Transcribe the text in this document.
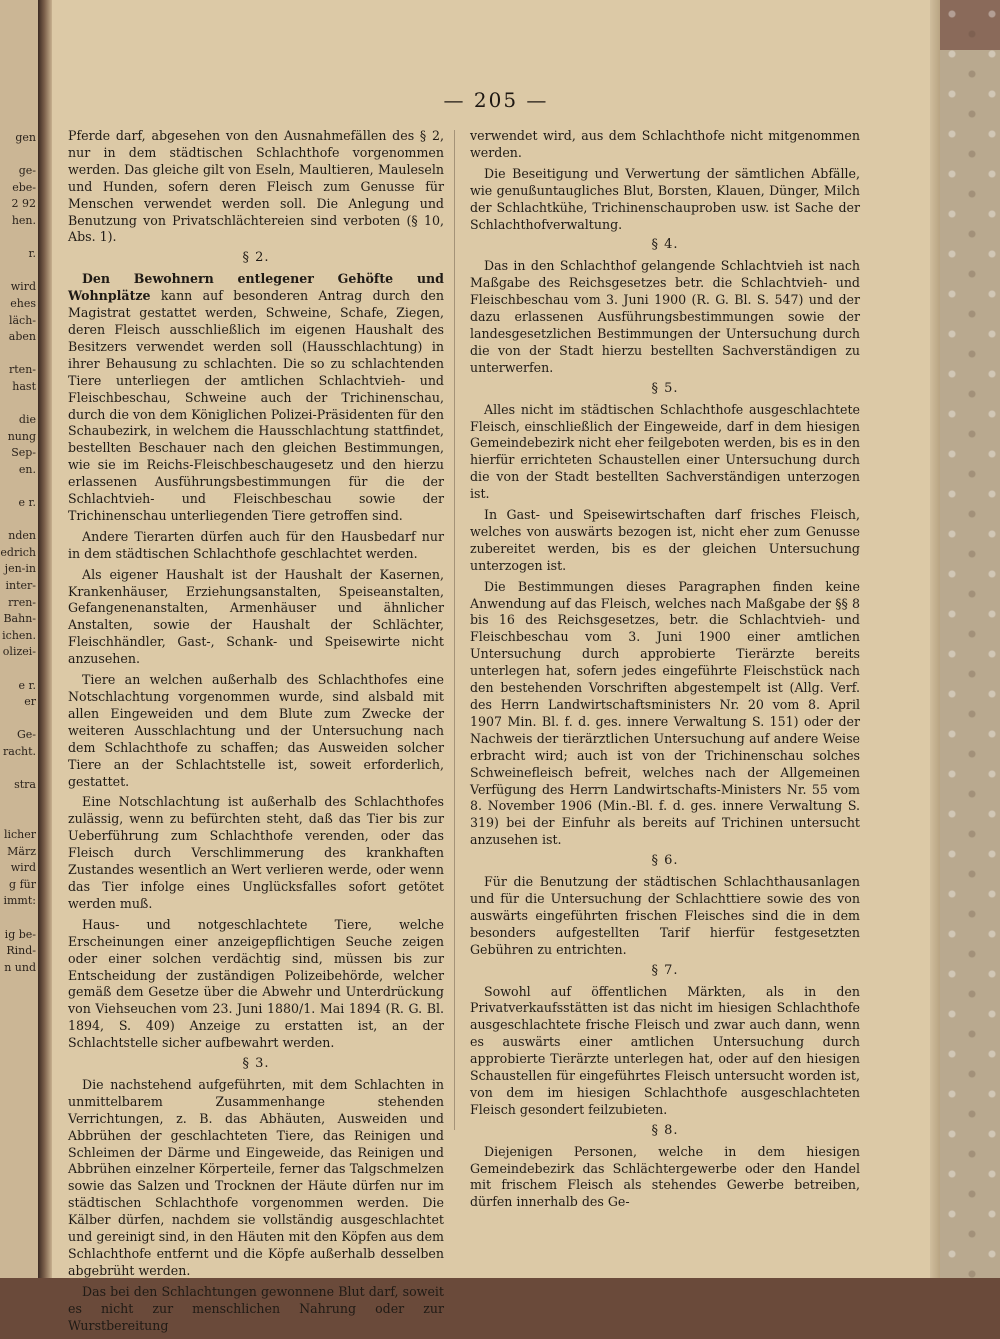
gen
ge-
ebe-
2 92
hen.
r.
wird
ehes
läch-
aben
rten-
hast
die
nung
Sep-
en.
e r.
nden
edrich
jen-in
inter-
rren-
Bahn-
ichen.
olizei-
e r.
er
Ge-
racht.
stra
licher
März
wird
g für
immt:
ig be-
Rind-
n und
— 205 —

Pferde darf, abgesehen von den Ausnahmefällen des § 2, nur in dem städtischen Schlachthofe vorgenommen werden. Das gleiche gilt von Eseln, Maultieren, Mauleseln und Hunden, sofern deren Fleisch zum Genusse für Menschen verwendet werden soll. Die Anlegung und Benutzung von Privatschlächtereien sind verboten (§ 10, Abs. 1).

§ 2.

Den Bewohnern entlegener Gehöfte und Wohnplätze kann auf besonderen Antrag durch den Magistrat gestattet werden, Schweine, Schafe, Ziegen, deren Fleisch ausschließlich im eigenen Haushalt des Besitzers verwendet werden soll (Hausschlachtung) in ihrer Behausung zu schlachten. Die so zu schlachtenden Tiere unterliegen der amtlichen Schlachtvieh- und Fleischbeschau, Schweine auch der Trichinenschau, durch die von dem Königlichen Polizei-Präsidenten für den Schaubezirk, in welchem die Hausschlachtung stattfindet, bestellten Beschauer nach den gleichen Bestimmungen, wie sie im Reichs-Fleischbeschaugesetz und den hierzu erlassenen Ausführungsbestimmungen für die der Schlachtvieh- und Fleischbeschau sowie der Trichinenschau unterliegenden Tiere getroffen sind.

Andere Tierarten dürfen auch für den Hausbedarf nur in dem städtischen Schlachthofe geschlachtet werden.

Als eigener Haushalt ist der Haushalt der Kasernen, Krankenhäuser, Erziehungsanstalten, Speiseanstalten, Gefangenenanstalten, Armenhäuser und ähnlicher Anstalten, sowie der Haushalt der Schlächter, Fleischhändler, Gast-, Schank- und Speisewirte nicht anzusehen.

Tiere an welchen außerhalb des Schlachthofes eine Notschlachtung vorgenommen wurde, sind alsbald mit allen Eingeweiden und dem Blute zum Zwecke der weiteren Ausschlachtung und der Untersuchung nach dem Schlachthofe zu schaffen; das Ausweiden solcher Tiere an der Schlachtstelle ist, soweit erforderlich, gestattet.

Eine Notschlachtung ist außerhalb des Schlachthofes zulässig, wenn zu befürchten steht, daß das Tier bis zur Ueberführung zum Schlachthofe verenden, oder das Fleisch durch Verschlimmerung des krankhaften Zustandes wesentlich an Wert verlieren werde, oder wenn das Tier infolge eines Unglücksfalles sofort getötet werden muß.

Haus- und notgeschlachtete Tiere, welche Erscheinungen einer anzeigepflichtigen Seuche zeigen oder einer solchen verdächtig sind, müssen bis zur Entscheidung der zuständigen Polizeibehörde, welcher gemäß dem Gesetze über die Abwehr und Unterdrückung von Viehseuchen vom 23. Juni 1880/1. Mai 1894 (R. G. Bl. 1894, S. 409) Anzeige zu erstatten ist, an der Schlachtstelle sicher aufbewahrt werden.

§ 3.

Die nachstehend aufgeführten, mit dem Schlachten in unmittelbarem Zusammenhange stehenden Verrichtungen, z. B. das Abhäuten, Ausweiden und Abbrühen der geschlachteten Tiere, das Reinigen und Schleimen der Därme und Eingeweide, das Reinigen und Abbrühen einzelner Körperteile, ferner das Talgschmelzen sowie das Salzen und Trocknen der Häute dürfen nur im städtischen Schlachthofe vorgenommen werden. Die Kälber dürfen, nachdem sie vollständig ausgeschlachtet und gereinigt sind, in den Häuten mit den Köpfen aus dem Schlachthofe entfernt und die Köpfe außerhalb desselben abgebrüht werden.

Das bei den Schlachtungen gewonnene Blut darf, soweit es nicht zur menschlichen Nahrung oder zur Wurstbereitung

verwendet wird, aus dem Schlachthofe nicht mitgenommen werden.

Die Beseitigung und Verwertung der sämtlichen Abfälle, wie genußuntaugliches Blut, Borsten, Klauen, Dünger, Milch der Schlachtkühe, Trichinenschauproben usw. ist Sache der Schlachthofverwaltung.

§ 4.

Das in den Schlachthof gelangende Schlachtvieh ist nach Maßgabe des Reichsgesetzes betr. die Schlachtvieh- und Fleischbeschau vom 3. Juni 1900 (R. G. Bl. S. 547) und der dazu erlassenen Ausführungsbestimmungen sowie der landesgesetzlichen Bestimmungen der Untersuchung durch die von der Stadt hierzu bestellten Sachverständigen zu unterwerfen.

§ 5.

Alles nicht im städtischen Schlachthofe ausgeschlachtete Fleisch, einschließlich der Eingeweide, darf in dem hiesigen Gemeindebezirk nicht eher feilgeboten werden, bis es in den hierfür errichteten Schaustellen einer Untersuchung durch die von der Stadt bestellten Sachverständigen unterzogen ist.

In Gast- und Speisewirtschaften darf frisches Fleisch, welches von auswärts bezogen ist, nicht eher zum Genusse zubereitet werden, bis es der gleichen Untersuchung unterzogen ist.

Die Bestimmungen dieses Paragraphen finden keine Anwendung auf das Fleisch, welches nach Maßgabe der §§ 8 bis 16 des Reichsgesetzes, betr. die Schlachtvieh- und Fleischbeschau vom 3. Juni 1900 einer amtlichen Untersuchung durch approbierte Tierärzte bereits unterlegen hat, sofern jedes eingeführte Fleischstück nach den bestehenden Vorschriften abgestempelt ist (Allg. Verf. des Herrn Landwirtschaftsministers Nr. 20 vom 8. April 1907 Min. Bl. f. d. ges. innere Verwaltung S. 151) oder der Nachweis der tierärztlichen Untersuchung auf andere Weise erbracht wird; auch ist von der Trichinenschau solches Schweinefleisch befreit, welches nach der Allgemeinen Verfügung des Herrn Landwirtschafts-Ministers Nr. 55 vom 8. November 1906 (Min.-Bl. f. d. ges. innere Verwaltung S. 319) bei der Einfuhr als bereits auf Trichinen untersucht anzusehen ist.

§ 6.

Für die Benutzung der städtischen Schlachthausanlagen und für die Untersuchung der Schlachttiere sowie des von auswärts eingeführten frischen Fleisches sind die in dem besonders aufgestellten Tarif hierfür festgesetzten Gebühren zu entrichten.

§ 7.

Sowohl auf öffentlichen Märkten, als in den Privatverkaufsstätten ist das nicht im hiesigen Schlachthofe ausgeschlachtete frische Fleisch und zwar auch dann, wenn es auswärts einer amtlichen Untersuchung durch approbierte Tierärzte unterlegen hat, oder auf den hiesigen Schaustellen für eingeführtes Fleisch untersucht worden ist, von dem im hiesigen Schlachthofe ausgeschlachteten Fleisch gesondert feilzubieten.

§ 8.

Diejenigen Personen, welche in dem hiesigen Gemeindebezirk das Schlächtergewerbe oder den Handel mit frischem Fleisch als stehendes Gewerbe betreiben, dürfen innerhalb des Ge-
